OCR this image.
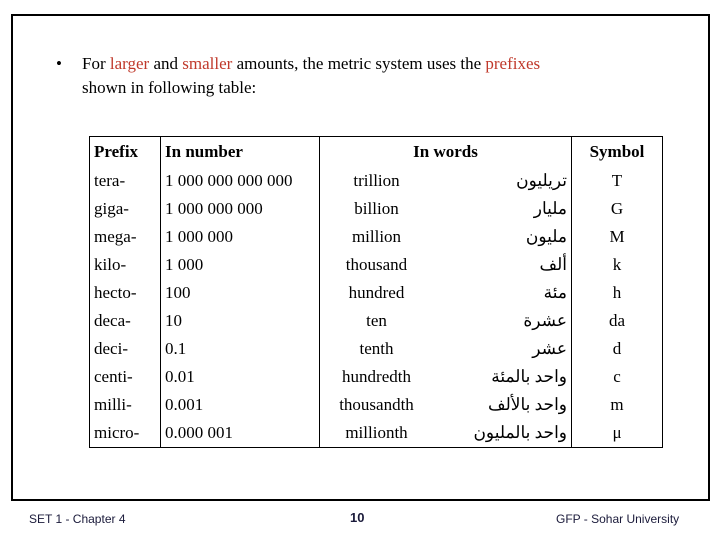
• For larger and smaller amounts, the metric system uses the prefixes
shown in following table:
Prefix	In number	In words		Symbol
tera-	1 000 000 000 000	trillion	تريليون	T
giga-	1 000 000 000	billion	مليار	G
mega-	1 000 000	million	مليون	M
kilo-	1 000	thousand	ألف	k
hecto-	100	hundred	مئة	h
deca-	10	ten	عشرة	da
deci-	0.1	tenth	عشر	d
centi-	0.01	hundredth	واحد بالمئة	c
milli-	0.001	thousandth	واحد بالألف	m
micro-	0.000 001	millionth	واحد بالمليون	μ
SET 1 - Chapter 4	10	GFP - Sohar University
